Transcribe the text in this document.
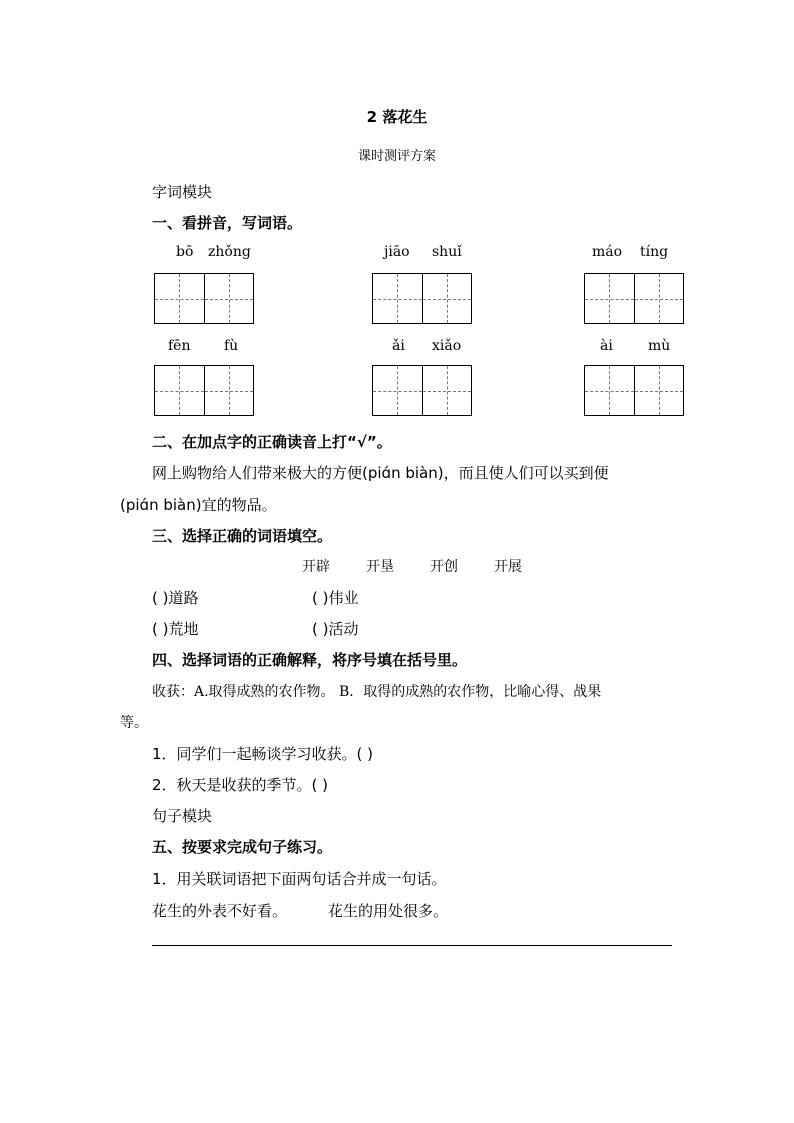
2 落花生
课时测评方案
字词模块
一、看拼音，写词语。
bō zhǒng	jiāo shuǐ	máo tíng
fēn fù	ǎi xiǎo	ài	mù
二、在加点字的正确读音上打“√”。
网上购物给人们带来极大的方便(piɑ́n biàn)，而且使人们可以买到便
(piɑ́n biàn)宜的物品。
三、选择正确的词语填空。
开辟	开垦	开创	开展
( )道路	( )伟业
( )荒地	( )活动
四、选择词语的正确解释，将序号填在括号里。
收获：A.取得成熟的农作物。 B．取得的成熟的农作物，比喻心得、战果
等。
1．同学们一起畅谈学习收获。( )
2．秋天是收获的季节。( )
句子模块
五、按要求完成句子练习。
1．用关联词语把下面两句话合并成一句话。
花生的外表不好看。	花生的用处很多。
